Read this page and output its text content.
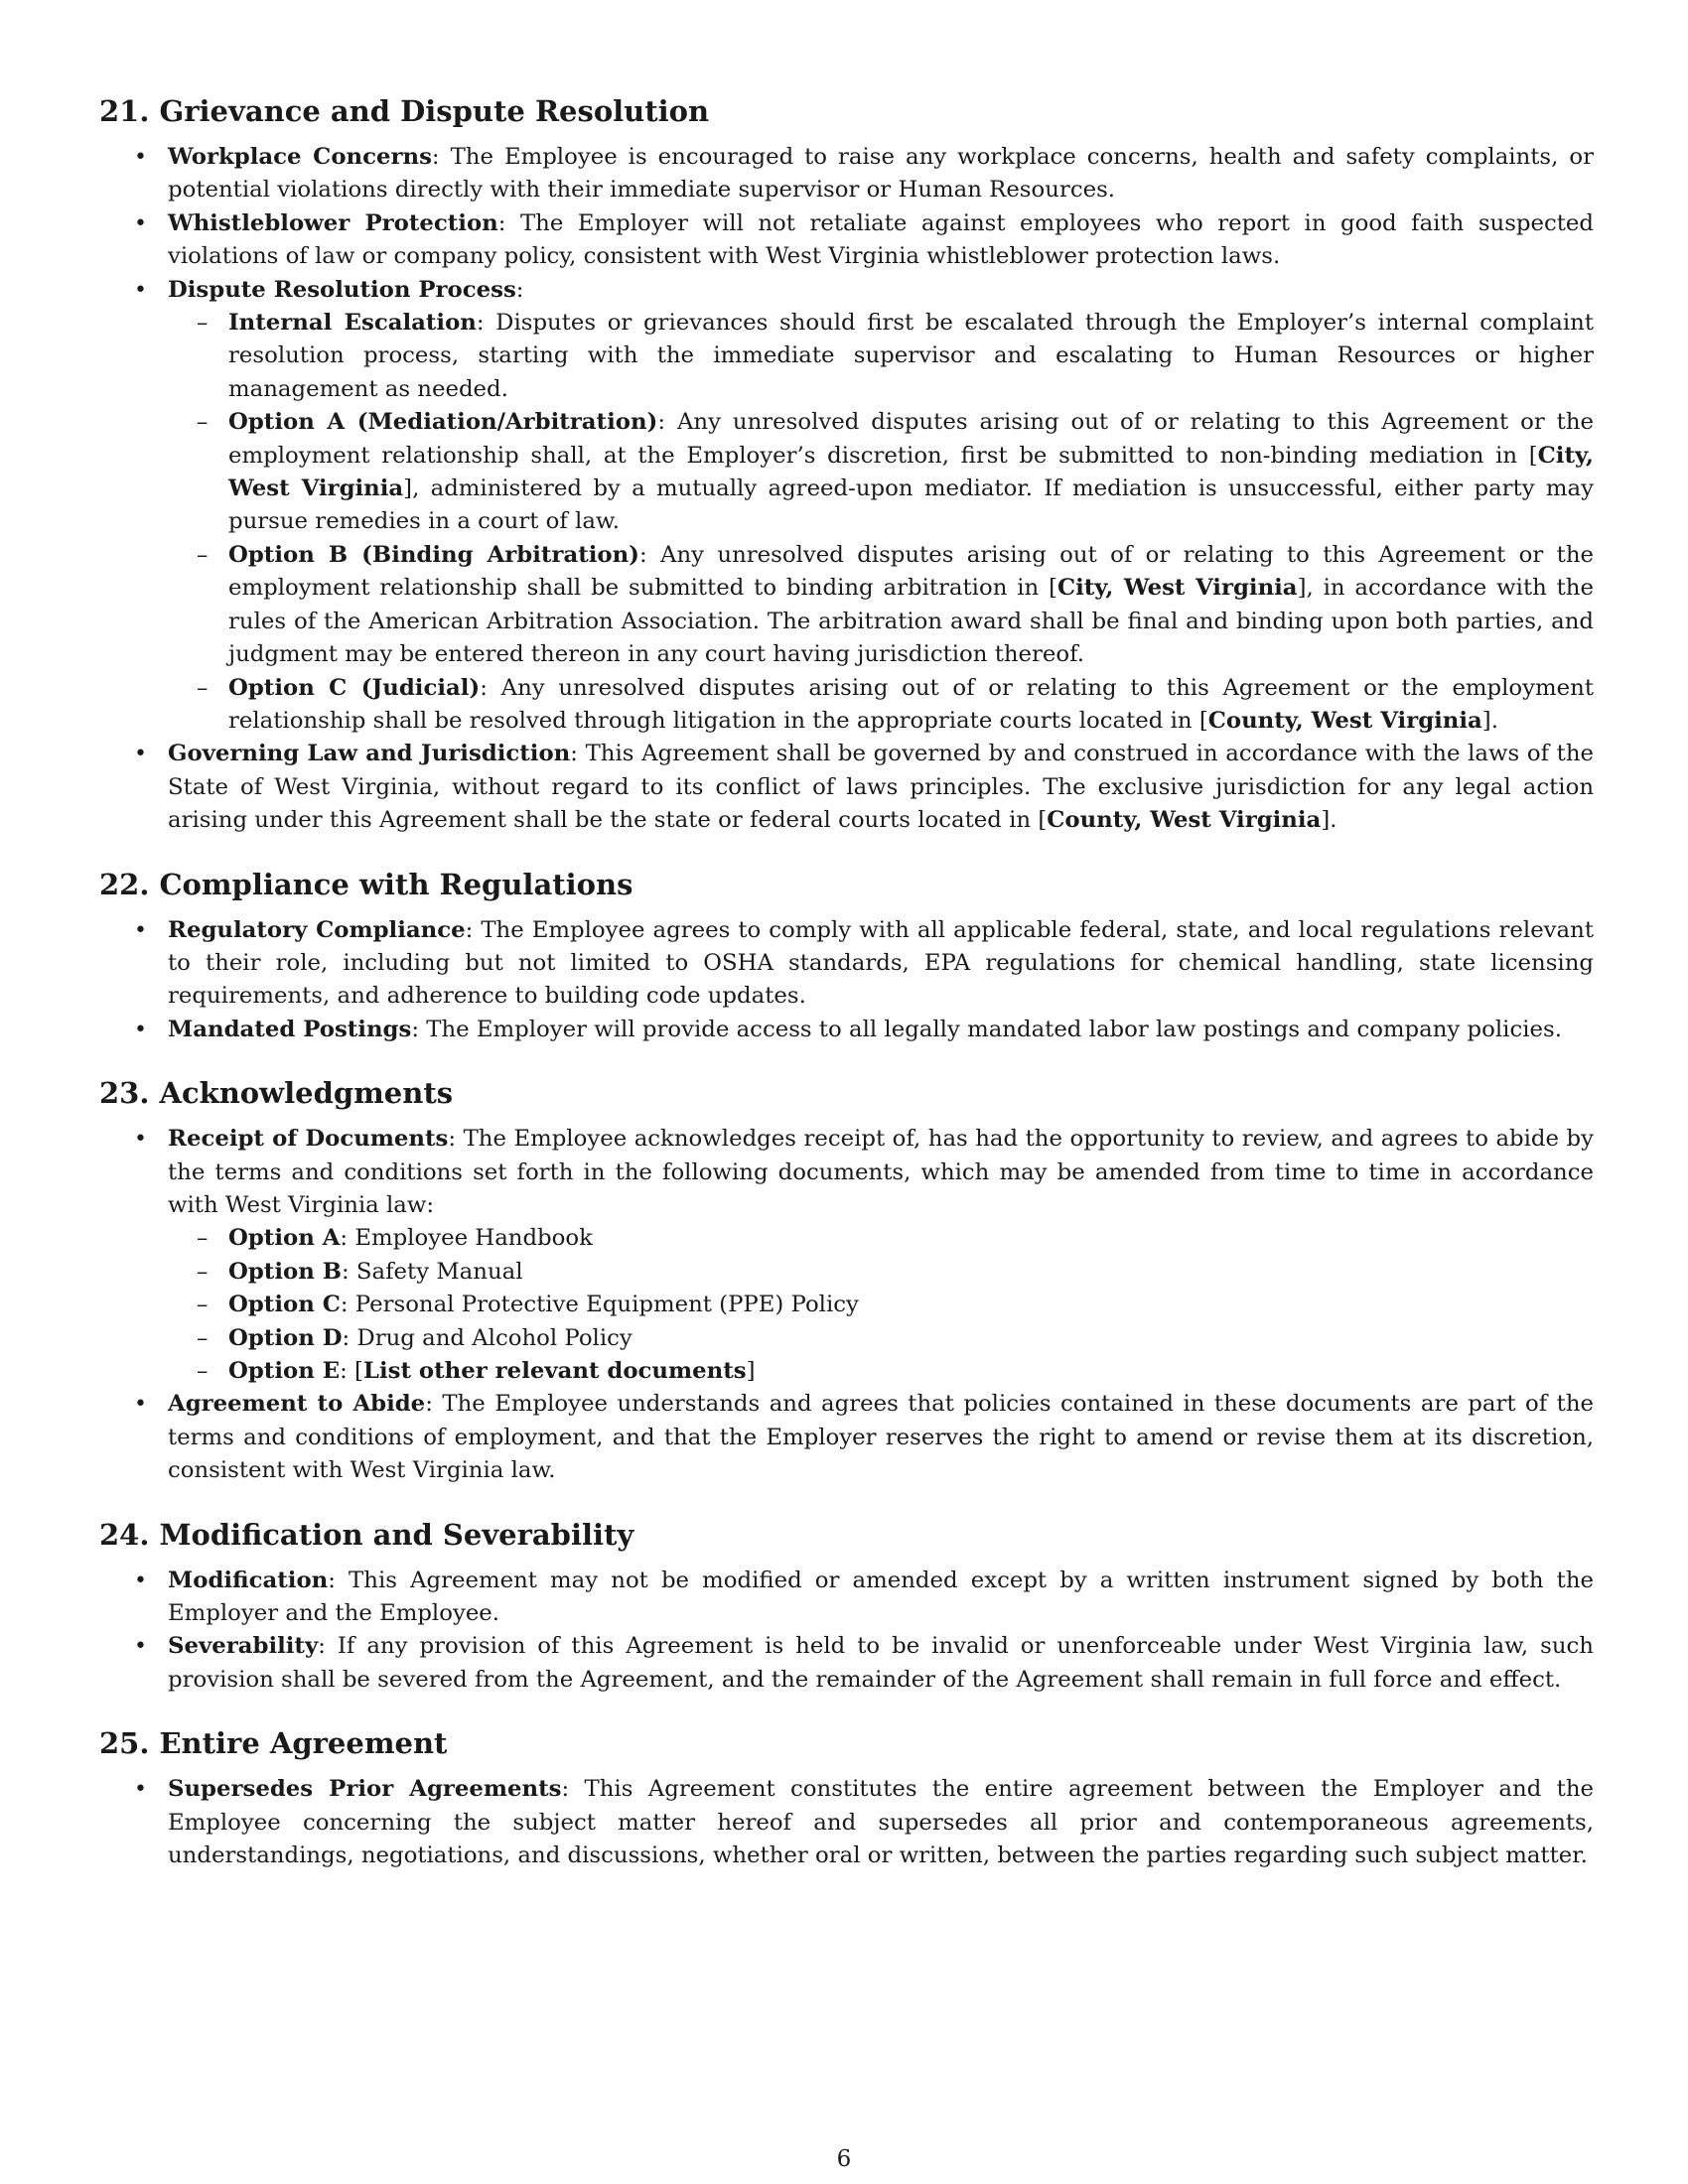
21. Grievance and Dispute Resolution
• Workplace Concerns: The Employee is encouraged to raise any workplace concerns, health and safety complaints, or potential violations directly with their immediate supervisor or Human Resources.
• Whistleblower Protection: The Employer will not retaliate against employees who report in good faith suspected violations of law or company policy, consistent with West Virginia whistleblower protection laws.
• Dispute Resolution Process:
– Internal Escalation: Disputes or grievances should first be escalated through the Employer’s internal complaint resolution process, starting with the immediate supervisor and escalating to Human Resources or higher management as needed.
– Option A (Mediation/Arbitration): Any unresolved disputes arising out of or relating to this Agreement or the employment relationship shall, at the Employer’s discretion, first be submitted to non-binding mediation in [City, West Virginia], administered by a mutually agreed-upon mediator. If mediation is unsuccessful, either party may pursue remedies in a court of law.
– Option B (Binding Arbitration): Any unresolved disputes arising out of or relating to this Agreement or the employment relationship shall be submitted to binding arbitration in [City, West Virginia], in accordance with the rules of the American Arbitration Association. The arbitration award shall be final and binding upon both parties, and judgment may be entered thereon in any court having jurisdiction thereof.
– Option C (Judicial): Any unresolved disputes arising out of or relating to this Agreement or the employment relationship shall be resolved through litigation in the appropriate courts located in [County, West Virginia].
• Governing Law and Jurisdiction: This Agreement shall be governed by and construed in accordance with the laws of the State of West Virginia, without regard to its conflict of laws principles. The exclusive jurisdiction for any legal action arising under this Agreement shall be the state or federal courts located in [County, West Virginia].
22. Compliance with Regulations
• Regulatory Compliance: The Employee agrees to comply with all applicable federal, state, and local regulations relevant to their role, including but not limited to OSHA standards, EPA regulations for chemical handling, state licensing requirements, and adherence to building code updates.
• Mandated Postings: The Employer will provide access to all legally mandated labor law postings and company policies.
23. Acknowledgments
• Receipt of Documents: The Employee acknowledges receipt of, has had the opportunity to review, and agrees to abide by the terms and conditions set forth in the following documents, which may be amended from time to time in accordance with West Virginia law:
– Option A: Employee Handbook
– Option B: Safety Manual
– Option C: Personal Protective Equipment (PPE) Policy
– Option D: Drug and Alcohol Policy
– Option E: [List other relevant documents]
• Agreement to Abide: The Employee understands and agrees that policies contained in these documents are part of the terms and conditions of employment, and that the Employer reserves the right to amend or revise them at its discretion, consistent with West Virginia law.
24. Modification and Severability
• Modification: This Agreement may not be modified or amended except by a written instrument signed by both the Employer and the Employee.
• Severability: If any provision of this Agreement is held to be invalid or unenforceable under West Virginia law, such provision shall be severed from the Agreement, and the remainder of the Agreement shall remain in full force and effect.
25. Entire Agreement
• Supersedes Prior Agreements: This Agreement constitutes the entire agreement between the Employer and the Employee concerning the subject matter hereof and supersedes all prior and contemporaneous agreements, understandings, negotiations, and discussions, whether oral or written, between the parties regarding such subject matter.
6
